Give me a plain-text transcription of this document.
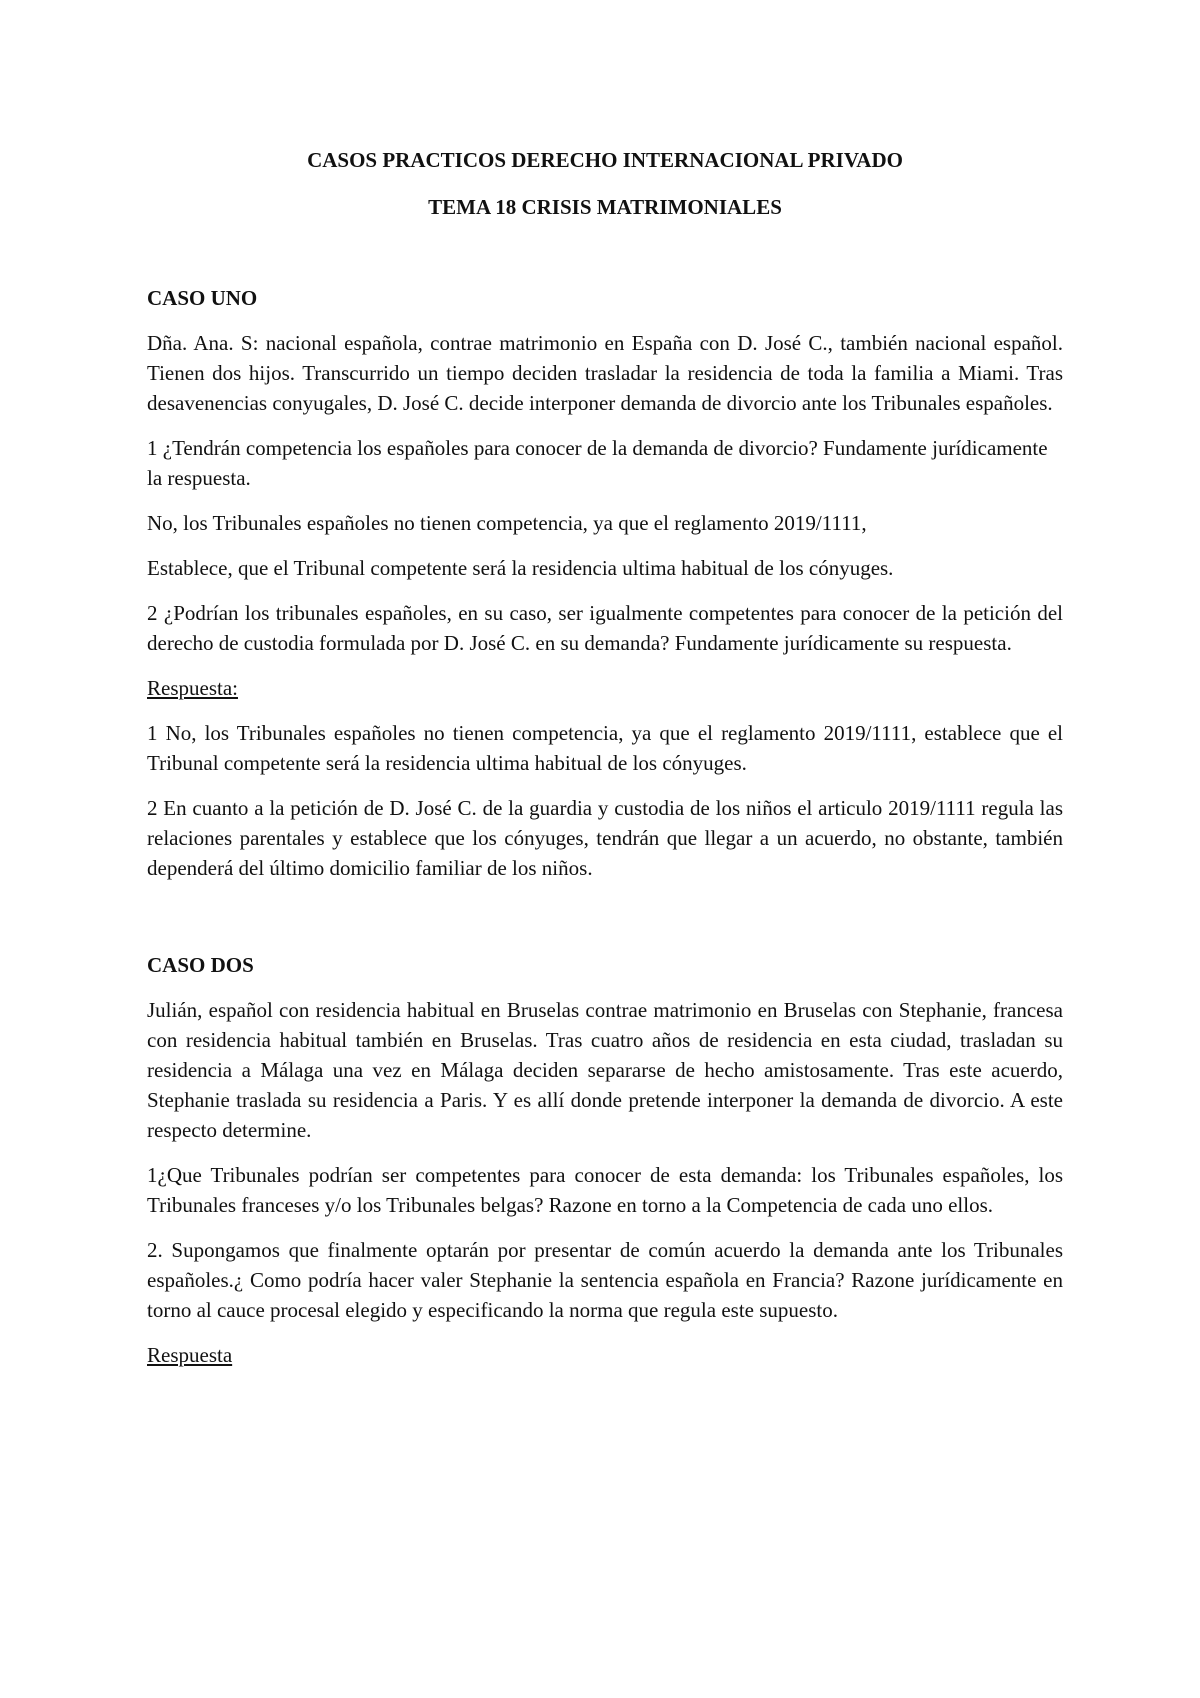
CASOS PRACTICOS DERECHO INTERNACIONAL PRIVADO
TEMA 18 CRISIS MATRIMONIALES
CASO UNO

Dña. Ana. S: nacional española, contrae matrimonio en España con D. José C., también nacional español. Tienen dos hijos. Transcurrido un tiempo deciden trasladar la residencia de toda la familia a Miami. Tras desavenencias conyugales, D. José C. decide interponer demanda de divorcio ante los Tribunales españoles.

1 ¿Tendrán competencia los españoles para conocer de la demanda de divorcio? Fundamente jurídicamente la respuesta.

No, los Tribunales españoles no tienen competencia, ya que el reglamento 2019/1111,

Establece, que el Tribunal competente será la residencia ultima habitual de los cónyuges.

2 ¿Podrían los tribunales españoles, en su caso, ser igualmente competentes para conocer de la petición del derecho de custodia formulada por D. José C. en su demanda? Fundamente jurídicamente su respuesta.

Respuesta:

1 No, los Tribunales españoles no tienen competencia, ya que el reglamento 2019/1111, establece que el Tribunal competente será la residencia ultima habitual de los cónyuges.

2 En cuanto a la petición de D. José C. de la guardia y custodia de los niños el articulo 2019/1111 regula las relaciones parentales y establece que los cónyuges, tendrán que llegar a un acuerdo, no obstante, también dependerá del último domicilio familiar de los niños.

CASO DOS

Julián, español con residencia habitual en Bruselas contrae matrimonio en Bruselas con Stephanie, francesa con residencia habitual también en Bruselas. Tras cuatro años de residencia en esta ciudad, trasladan su residencia a Málaga una vez en Málaga deciden separarse de hecho amistosamente. Tras este acuerdo, Stephanie traslada su residencia a Paris. Y es allí donde pretende interponer la demanda de divorcio. A este respecto determine.

1¿Que Tribunales podrían ser competentes para conocer de esta demanda: los Tribunales españoles, los Tribunales franceses y/o los Tribunales belgas? Razone en torno a la Competencia de cada uno ellos.

2. Supongamos que finalmente optarán por presentar de común acuerdo la demanda ante los Tribunales españoles.¿ Como podría hacer valer Stephanie la sentencia española en Francia? Razone jurídicamente en torno al cauce procesal elegido y especificando la norma que regula este supuesto.

Respuesta
